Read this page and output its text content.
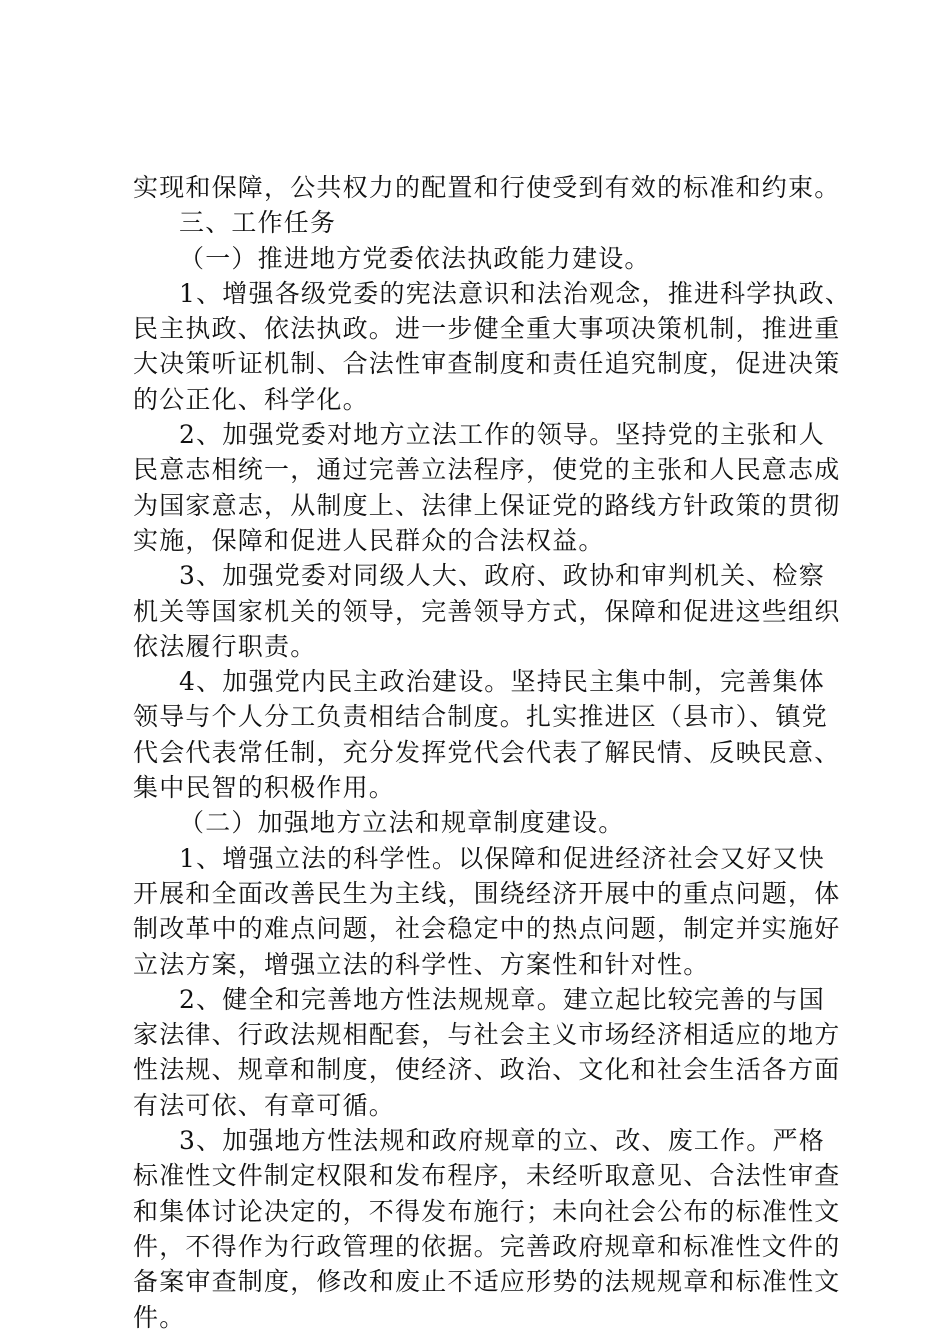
实现和保障，公共权力的配置和行使受到有效的标准和约束。
三、工作任务
（一）推进地方党委依法执政能力建设。
1、增强各级党委的宪法意识和法治观念，推进科学执政、
民主执政、依法执政。进一步健全重大事项决策机制，推进重
大决策听证机制、合法性审查制度和责任追究制度，促进决策
的公正化、科学化。
2、加强党委对地方立法工作的领导。坚持党的主张和人
民意志相统一，通过完善立法程序，使党的主张和人民意志成
为国家意志，从制度上、法律上保证党的路线方针政策的贯彻
实施，保障和促进人民群众的合法权益。
3、加强党委对同级人大、政府、政协和审判机关、检察
机关等国家机关的领导，完善领导方式，保障和促进这些组织
依法履行职责。
4、加强党内民主政治建设。坚持民主集中制，完善集体
领导与个人分工负责相结合制度。扎实推进区（县市）、镇党
代会代表常任制，充分发挥党代会代表了解民情、反映民意、
集中民智的积极作用。
（二）加强地方立法和规章制度建设。
1、增强立法的科学性。以保障和促进经济社会又好又快
开展和全面改善民生为主线，围绕经济开展中的重点问题，体
制改革中的难点问题，社会稳定中的热点问题，制定并实施好
立法方案，增强立法的科学性、方案性和针对性。
2、健全和完善地方性法规规章。建立起比较完善的与国
家法律、行政法规相配套，与社会主义市场经济相适应的地方
性法规、规章和制度，使经济、政治、文化和社会生活各方面
有法可依、有章可循。
3、加强地方性法规和政府规章的立、改、废工作。严格
标准性文件制定权限和发布程序，未经听取意见、合法性审查
和集体讨论决定的，不得发布施行；未向社会公布的标准性文
件，不得作为行政管理的依据。完善政府规章和标准性文件的
备案审查制度，修改和废止不适应形势的法规规章和标准性文
件。
